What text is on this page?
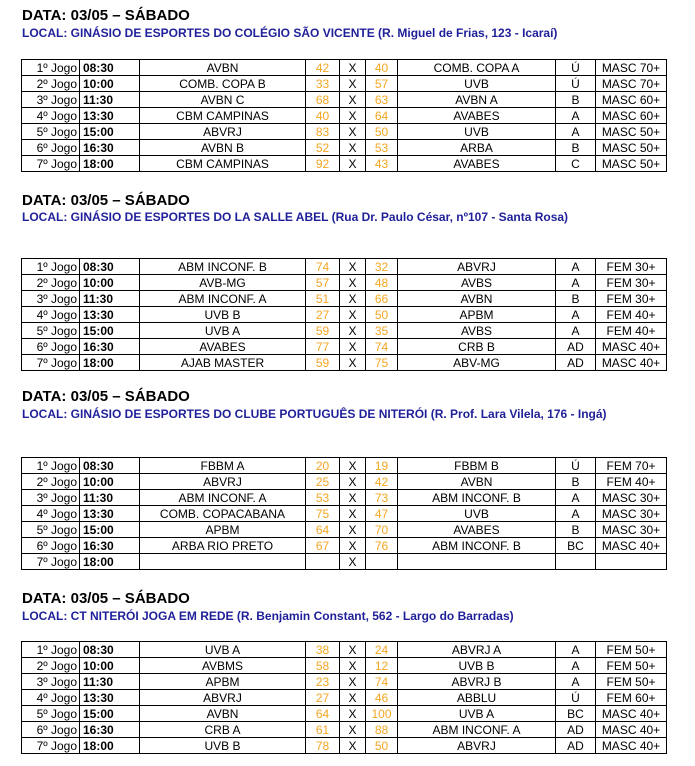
DATA: 03/05 – SÁBADO
LOCAL: GINÁSIO DE ESPORTES DO COLÉGIO SÃO VICENTE (R. Miguel de Frias, 123 - Icaraí)
1º Jogo	08:30	AVBN	42	X	40	COMB. COPA A	Ú	MASC 70+
2º Jogo	10:00	COMB. COPA B	33	X	57	UVB	Ú	MASC 70+
3º Jogo	11:30	AVBN C	68	X	63	AVBN A	B	MASC 60+
4º Jogo	13:30	CBM CAMPINAS	40	X	64	AVABES	A	MASC 60+
5º Jogo	15:00	ABVRJ	83	X	50	UVB	A	MASC 50+
6º Jogo	16:30	AVBN B	52	X	53	ARBA	B	MASC 50+
7º Jogo	18:00	CBM CAMPINAS	92	X	43	AVABES	C	MASC 50+
DATA: 03/05 – SÁBADO
LOCAL: GINÁSIO DE ESPORTES DO LA SALLE ABEL (Rua Dr. Paulo César, nº107 - Santa Rosa)
1º Jogo	08:30	ABM INCONF. B	74	X	32	ABVRJ	A	FEM 30+
2º Jogo	10:00	AVB-MG	57	X	48	AVBS	A	FEM 30+
3º Jogo	11:30	ABM INCONF. A	51	X	66	AVBN	B	FEM 30+
4º Jogo	13:30	UVB B	27	X	50	APBM	A	FEM 40+
5º Jogo	15:00	UVB A	59	X	35	AVBS	A	FEM 40+
6º Jogo	16:30	AVABES	77	X	74	CRB B	AD	MASC 40+
7º Jogo	18:00	AJAB MASTER	59	X	75	ABV-MG	AD	MASC 40+
DATA: 03/05 – SÁBADO
LOCAL: GINÁSIO DE ESPORTES DO CLUBE PORTUGUÊS DE NITERÓI (R. Prof. Lara Vilela, 176 - Ingá)
1º Jogo	08:30	FBBM A	20	X	19	FBBM B	Ú	FEM 70+
2º Jogo	10:00	ABVRJ	25	X	42	AVBN	B	FEM 40+
3º Jogo	11:30	ABM INCONF. A	53	X	73	ABM INCONF. B	A	MASC 30+
4º Jogo	13:30	COMB. COPACABANA	75	X	47	UVB	A	MASC 30+
5º Jogo	15:00	APBM	64	X	70	AVABES	B	MASC 30+
6º Jogo	16:30	ARBA RIO PRETO	67	X	76	ABM INCONF. B	BC	MASC 40+
7º Jogo	18:00			X				
DATA: 03/05 – SÁBADO
LOCAL: CT NITERÓI JOGA EM REDE (R. Benjamin Constant, 562 - Largo do Barradas)
1º Jogo	08:30	UVB A	38	X	24	ABVRJ A	A	FEM 50+
2º Jogo	10:00	AVBMS	58	X	12	UVB B	A	FEM 50+
3º Jogo	11:30	APBM	23	X	74	ABVRJ B	A	FEM 50+
4º Jogo	13:30	ABVRJ	27	X	46	ABBLU	Ú	FEM 60+
5º Jogo	15:00	AVBN	64	X	100	UVB A	BC	MASC 40+
6º Jogo	16:30	CRB A	61	X	88	ABM INCONF. A	AD	MASC 40+
7º Jogo	18:00	UVB B	78	X	50	ABVRJ	AD	MASC 40+
